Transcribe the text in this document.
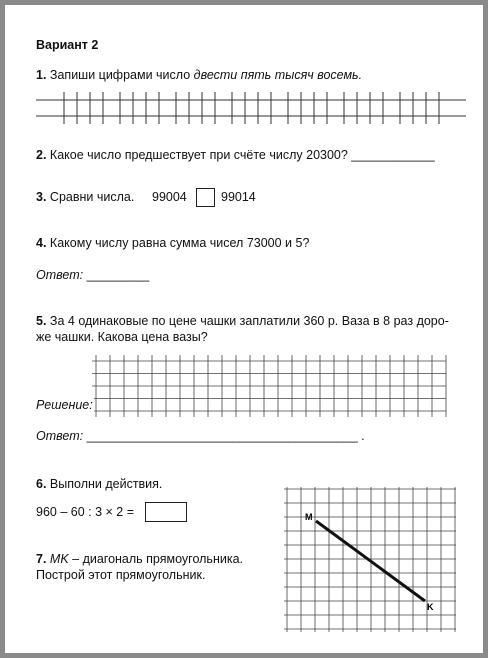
Вариант 2
1. Запиши цифрами число двести пять тысяч восемь.
2. Какое число предшествует при счёте числу 20300? ____________
3. Сравни числа. 99004	99014
4. Какому числу равна сумма чисел 73000 и 5?
Ответ: _________
5. За 4 одинаковые по цене чашки заплатили 360 р. Ваза в 8 раз доро-
же чашки. Какова цена вазы?
Решение:
Ответ: _______________________________________ .
6. Выполни действия.
960 – 60 : 3 × 2 =
7. MK – диагональ прямоугольника.
Построй этот прямоугольник.
M
K
